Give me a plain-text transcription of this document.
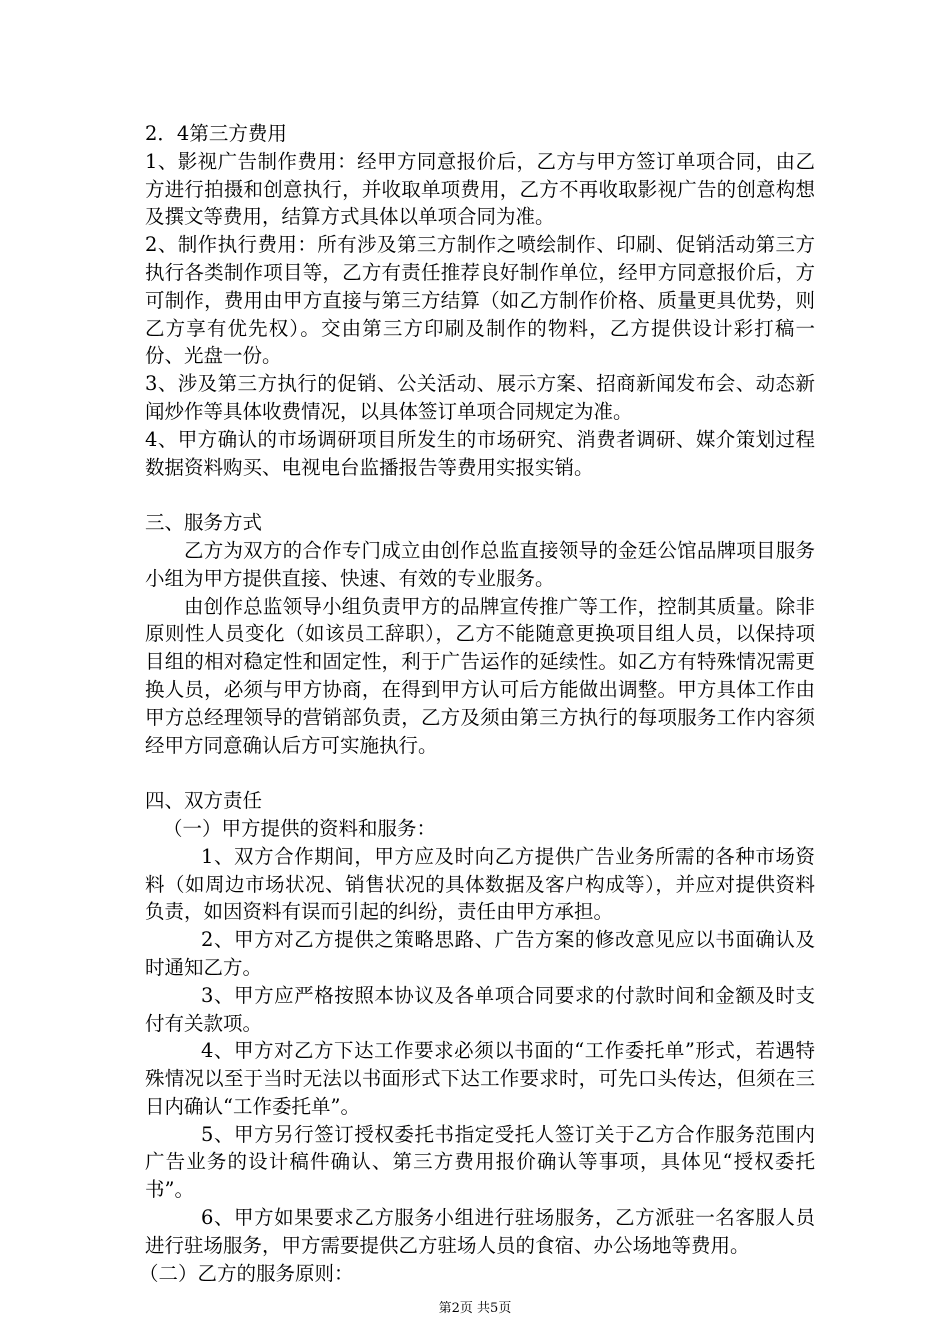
2．4第三方费用

1、影视广告制作费用：经甲方同意报价后，乙方与甲方签订单项合同，由乙方进行拍摄和创意执行，并收取单项费用，乙方不再收取影视广告的创意构想及撰文等费用，结算方式具体以单项合同为准。

2、制作执行费用：所有涉及第三方制作之喷绘制作、印刷、促销活动第三方执行各类制作项目等，乙方有责任推荐良好制作单位，经甲方同意报价后，方可制作，费用由甲方直接与第三方结算（如乙方制作价格、质量更具优势，则乙方享有优先权）。交由第三方印刷及制作的物料，乙方提供设计彩打稿一份、光盘一份。

3、涉及第三方执行的促销、公关活动、展示方案、招商新闻发布会、动态新闻炒作等具体收费情况，以具体签订单项合同规定为准。

4、甲方确认的市场调研项目所发生的市场研究、消费者调研、媒介策划过程数据资料购买、电视电台监播报告等费用实报实销。

三、服务方式

乙方为双方的合作专门成立由创作总监直接领导的金廷公馆品牌项目服务小组为甲方提供直接、快速、有效的专业服务。

由创作总监领导小组负责甲方的品牌宣传推广等工作，控制其质量。除非原则性人员变化（如该员工辞职），乙方不能随意更换项目组人员，以保持项目组的相对稳定性和固定性，利于广告运作的延续性。如乙方有特殊情况需更换人员，必须与甲方协商，在得到甲方认可后方能做出调整。甲方具体工作由甲方总经理领导的营销部负责，乙方及须由第三方执行的每项服务工作内容须经甲方同意确认后方可实施执行。

四、双方责任

（一）甲方提供的资料和服务：

1、双方合作期间，甲方应及时向乙方提供广告业务所需的各种市场资料（如周边市场状况、销售状况的具体数据及客户构成等），并应对提供资料负责，如因资料有误而引起的纠纷，责任由甲方承担。

2、甲方对乙方提供之策略思路、广告方案的修改意见应以书面确认及时通知乙方。

3、甲方应严格按照本协议及各单项合同要求的付款时间和金额及时支付有关款项。

4、甲方对乙方下达工作要求必须以书面的“工作委托单”形式，若遇特殊情况以至于当时无法以书面形式下达工作要求时，可先口头传达，但须在三日内确认“工作委托单”。

5、甲方另行签订授权委托书指定受托人签订关于乙方合作服务范围内广告业务的设计稿件确认、第三方费用报价确认等事项，具体见“授权委托书”。

6、甲方如果要求乙方服务小组进行驻场服务，乙方派驻一名客服人员进行驻场服务，甲方需要提供乙方驻场人员的食宿、办公场地等费用。

（二）乙方的服务原则：

第2页 共5页
